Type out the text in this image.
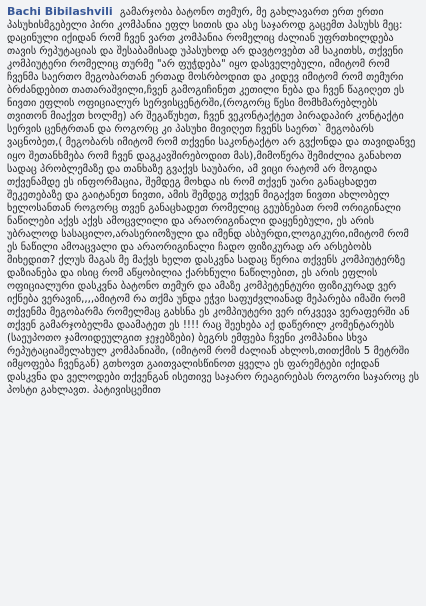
Bachi Bibilashvili გამარჯობა ბატონო თემურ, მე გახლავართ ერთ ერთი პასუხისმგებელი პირი კომპანია ეფლ სითის და ასე საჯაროდ გაცემთ პასუხს მეც: დაცინული იქიდან რომ ჩვენ ვართ კომპანია რომელიც ძალიან უფრთხილდება თავის რეპუტაციას და შესაბამისად უპასუხოდ არ დავტოვებთ ამ საკითხს, თქვენი კომპიუტერი რომელიც თურმე "არ ფუჭდება" იყო დასველებული, იმიტომ რომ ჩვენმა საერთო მეგობართან ერთად მოსრბოდით და კიდევ იმიტომ რომ თემური ბრძანდებით თათარაშვილი,ჩვენ გამოგიჩინეთ კეთილი ნება და ჩვენ წაგიღეთ ეს ნივთი ეფლის ოფიციალურ სერვისცენტრში,(როგორც წესი მომხმარებლებს თვითონ მიაქვთ ხოლმე) არ შეგაწუხეთ, ჩვენ ვეკონტაქტეთ პირადაპირ კონტაქტი სერვის ცენტრთან და როგორც კი პასუხი მივიღეთ ჩვენს საერთ` მეგობარს ვაცნობეთ,( მეგობარს იმიტომ რომ თქვენი საკონტაქტო არ გვქონდა და თავიდანვე იყო შეთანხმება რომ ჩვენ დაგკავშირებოდით მას),მიმოწერა შემიძლია განახოთ სადაც პრობლემაზე და თანხაზე გვაქვს საუბარი, ამ ვიცი რატომ არ მოგიდა თქვენამდე ეს ინფორმაცია, შემდეგ მოხდა ის რომ თქვენ უარი განაცხადეთ შეკეთებაზე და გაიტანეთ ნივთი, ამის შემდეგ თქვენ მიგაქვთ ნივთი ახლობელ ხელოსანთან როგორც თვენ განაცხადეთ რომელიც გეუბნებათ რომ ორიგინალი ნაწილები აქვს აქვს ამოცვლილი და არაორიგინალი დაყენებული, ეს არის უბრალოდ სასაცილო,არასერიოზული და იმენდ ასბურდი,ლოგიკური,იმიტომ რომ ეს ნაწილი ამოაცვალი და არაორიგინალი ჩადო ფიზიკურად არ არსებობს მიხედით? ქლუს მაგას მე მაქვს ხელთ დასკვნა სადაც წერია თქვენს კომპიუტერზე დაზიანება და ისიც რომ აწყობილია ქარხნული ნაწილებით, ეს არის ეფლის ოფიციალური დასკვნა ბატონო თემურ და ამაზე კომპეტენტური ფიზიკურად ვერ იქნება ვერავინ,,,,ამიტომ რა თქმა უნდა ეჭვი საფუძვლიანად მეპარება იმაში რომ თქვენმა მეგობარმა რომელმაც გახსნა ეს კომპიუტერი ვერ ირკვევა ვერაფერში ან თქვენ გამარჯობელმა დაამატეთ ეს !!!! რაც შეეხება აქ დაწერილ კომენტარებს (საეუპოთო ჯამოიდეულგით ჯეჯებზები) ბეგრს ემფება ჩვენი კომპანია სხვა რეპუტაციაშელახულ კომპანიაში, (იმიტომ რომ ძალიან ახლოს,თითქმის 5 მეტრში იმყოფება ჩვენგან) გთხოვთ გაითვალისწინოთ ყველა ეს ფარემტები იქიდან დასკვნა და ველოდები თქვენგან ისეთივე საჯარო რეაგირებას როგორი საჯაროც ეს პოსტი გახლავთ. პატივისცემით
